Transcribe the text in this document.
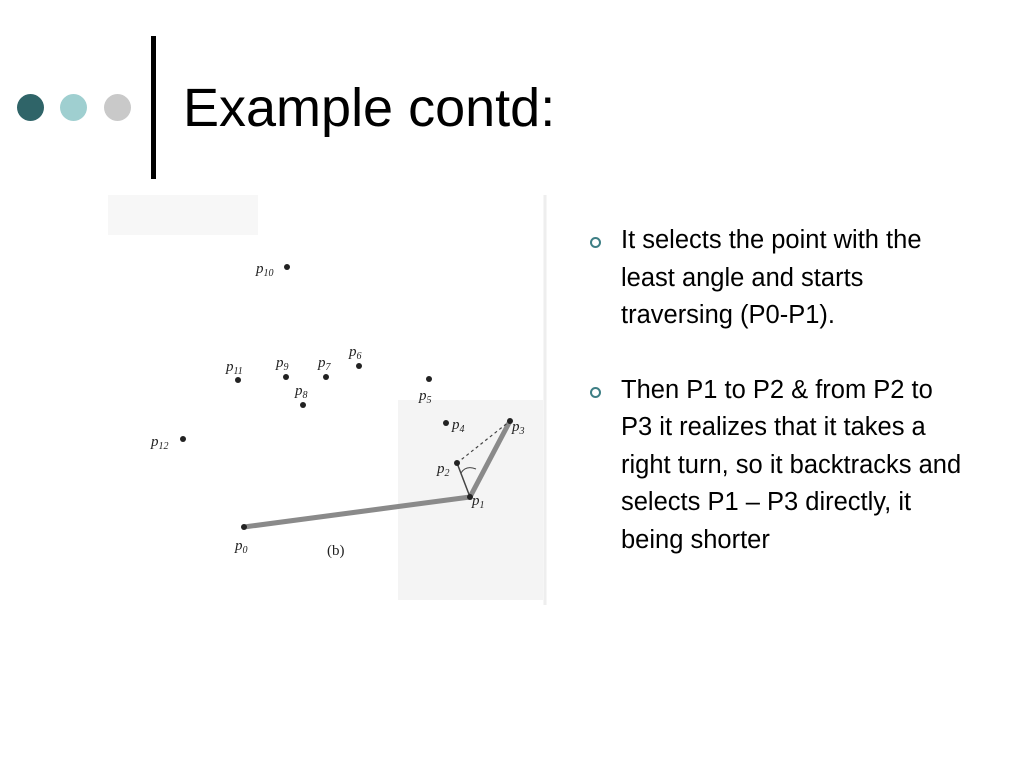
Example contd:
$p_0$
$p_1$
$p_2$
$p_3$
$p_4$
$p_5$
$p_6$
$p_7$
$p_8$
$p_9$
$p_{10}$
$p_{11}$
$p_{12}$
(b)
It selects the point with the least angle and starts traversing (P0-P1).
Then P1 to P2 & from P2 to P3 it realizes that it takes a right turn, so it backtracks and selects P1 – P3 directly, it being shorter
